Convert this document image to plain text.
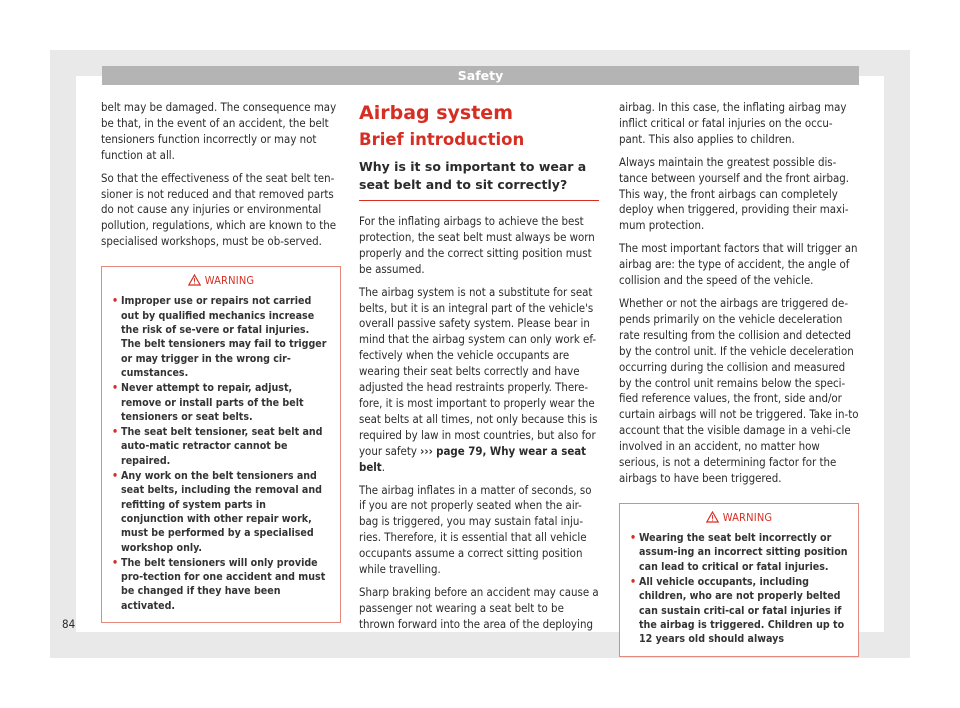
Safety

belt may be damaged. The consequence may be that, in the event of an accident, the belt tensioners function incorrectly or may not function at all.

So that the effectiveness of the seat belt ten-sioner is not reduced and that removed parts do not cause any injuries or environmental pollution, regulations, which are known to the specialised workshops, must be ob-served.

WARNING
• Improper use or repairs not carried out by qualified mechanics increase the risk of se-vere or fatal injuries. The belt tensioners may fail to trigger or may trigger in the wrong cir-cumstances.
• Never attempt to repair, adjust, remove or install parts of the belt tensioners or seat belts.
• The seat belt tensioner, seat belt and auto-matic retractor cannot be repaired.
• Any work on the belt tensioners and seat belts, including the removal and refitting of system parts in conjunction with other repair work, must be performed by a specialised workshop only.
• The belt tensioners will only provide pro-tection for one accident and must be changed if they have been activated.
Airbag system
Brief introduction
Why is it so important to wear a seat belt and to sit correctly?

For the inflating airbags to achieve the best protection, the seat belt must always be worn properly and the correct sitting position must be assumed.

The airbag system is not a substitute for seat belts, but it is an integral part of the vehicle's overall passive safety system. Please bear in mind that the airbag system can only work ef-fectively when the vehicle occupants are wearing their seat belts correctly and have adjusted the head restraints properly. There-fore, it is most important to properly wear the seat belts at all times, not only because this is required by law in most countries, but also for your safety ››› page 79, Why wear a seat belt.

The airbag inflates in a matter of seconds, so if you are not properly seated when the air-bag is triggered, you may sustain fatal inju-ries. Therefore, it is essential that all vehicle occupants assume a correct sitting position while travelling.

Sharp braking before an accident may cause a passenger not wearing a seat belt to be thrown forward into the area of the deploying

airbag. In this case, the inflating airbag may inflict critical or fatal injuries on the occu-pant. This also applies to children.

Always maintain the greatest possible dis-tance between yourself and the front airbag. This way, the front airbags can completely deploy when triggered, providing their maxi-mum protection.

The most important factors that will trigger an airbag are: the type of accident, the angle of collision and the speed of the vehicle.

Whether or not the airbags are triggered de-pends primarily on the vehicle deceleration rate resulting from the collision and detected by the control unit. If the vehicle deceleration occurring during the collision and measured by the control unit remains below the speci-fied reference values, the front, side and/or curtain airbags will not be triggered. Take in-to account that the visible damage in a vehi-cle involved in an accident, no matter how serious, is not a determining factor for the airbags to have been triggered.

WARNING
• Wearing the seat belt incorrectly or assum-ing an incorrect sitting position can lead to critical or fatal injuries.
• All vehicle occupants, including children, who are not properly belted can sustain criti-cal or fatal injuries if the airbag is triggered. Children up to 12 years old should always
84
